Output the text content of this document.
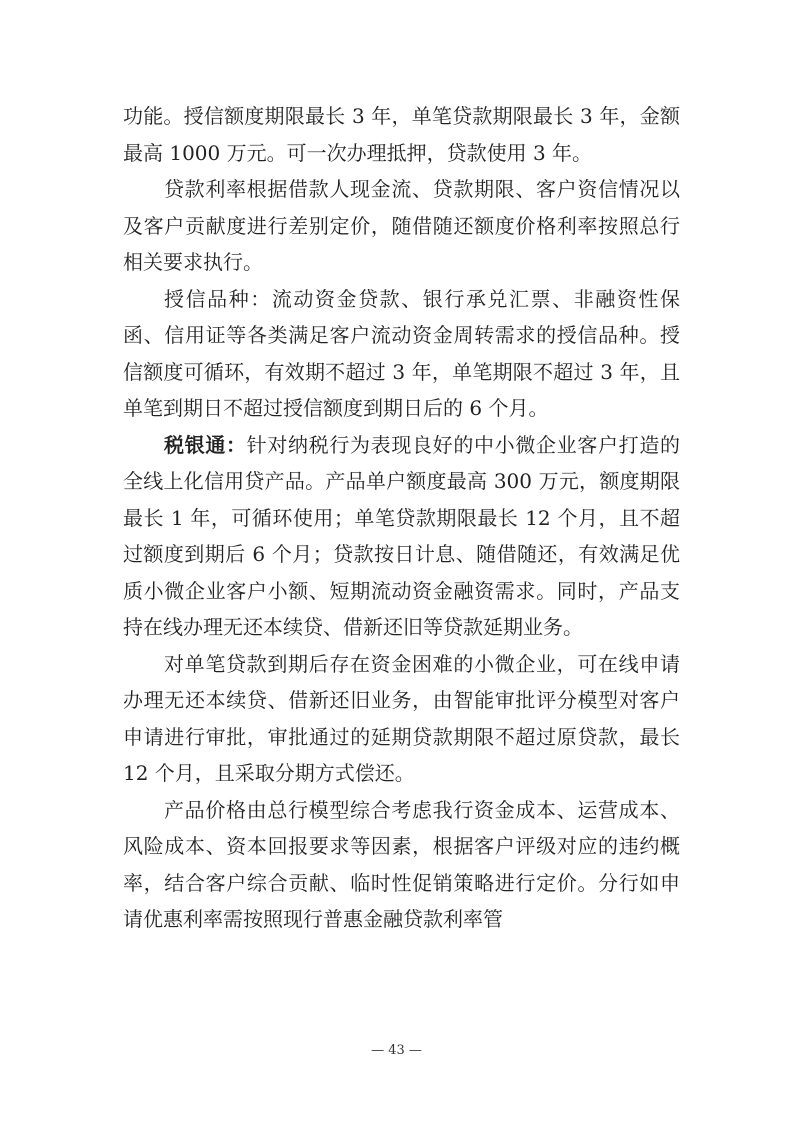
功能。授信额度期限最长 3 年，单笔贷款期限最长 3 年，金额最高 1000 万元。可一次办理抵押，贷款使用 3 年。

贷款利率根据借款人现金流、贷款期限、客户资信情况以及客户贡献度进行差别定价，随借随还额度价格利率按照总行相关要求执行。

授信品种：流动资金贷款、银行承兑汇票、非融资性保函、信用证等各类满足客户流动资金周转需求的授信品种。授信额度可循环，有效期不超过 3 年，单笔期限不超过 3 年，且单笔到期日不超过授信额度到期日后的 6 个月。

税银通：针对纳税行为表现良好的中小微企业客户打造的全线上化信用贷产品。产品单户额度最高 300 万元，额度期限最长 1 年，可循环使用；单笔贷款期限最长 12 个月，且不超过额度到期后 6 个月；贷款按日计息、随借随还，有效满足优质小微企业客户小额、短期流动资金融资需求。同时，产品支持在线办理无还本续贷、借新还旧等贷款延期业务。

对单笔贷款到期后存在资金困难的小微企业，可在线申请办理无还本续贷、借新还旧业务，由智能审批评分模型对客户申请进行审批，审批通过的延期贷款期限不超过原贷款，最长 12 个月，且采取分期方式偿还。

产品价格由总行模型综合考虑我行资金成本、运营成本、风险成本、资本回报要求等因素，根据客户评级对应的违约概率，结合客户综合贡献、临时性促销策略进行定价。分行如申请优惠利率需按照现行普惠金融贷款利率管

— 43 —
